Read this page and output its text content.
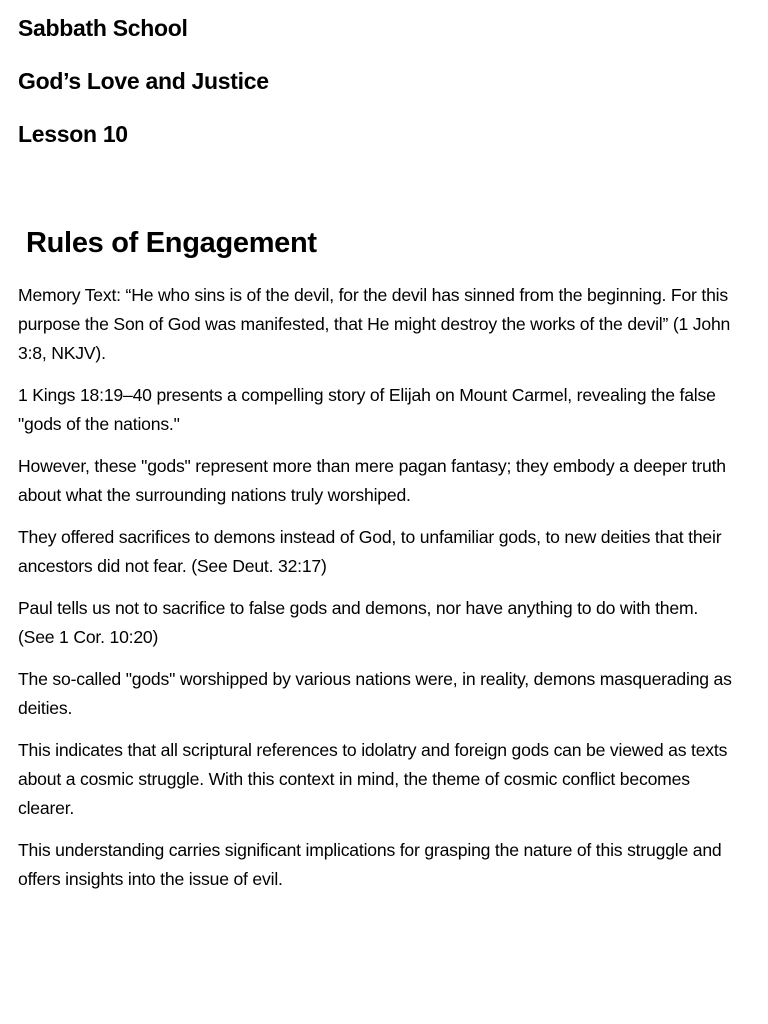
Sabbath School
God’s Love and Justice
Lesson 10
Rules of Engagement

Memory Text: “He who sins is of the devil, for the devil has sinned from the beginning. For this purpose the Son of God was manifested, that He might destroy the works of the devil” (1 John 3:8, NKJV).

1 Kings 18:19–40 presents a compelling story of Elijah on Mount Carmel, revealing the false "gods of the nations."

However, these "gods" represent more than mere pagan fantasy; they embody a deeper truth about what the surrounding nations truly worshiped.

They offered sacrifices to demons instead of God, to unfamiliar gods, to new deities that their ancestors did not fear. (See Deut. 32:17)

Paul tells us not to sacrifice to false gods and demons, nor have anything to do with them. (See 1 Cor. 10:20)

The so-called "gods" worshipped by various nations were, in reality, demons masquerading as deities.

This indicates that all scriptural references to idolatry and foreign gods can be viewed as texts about a cosmic struggle. With this context in mind, the theme of cosmic conflict becomes clearer.

This understanding carries significant implications for grasping the nature of this struggle and offers insights into the issue of evil.
